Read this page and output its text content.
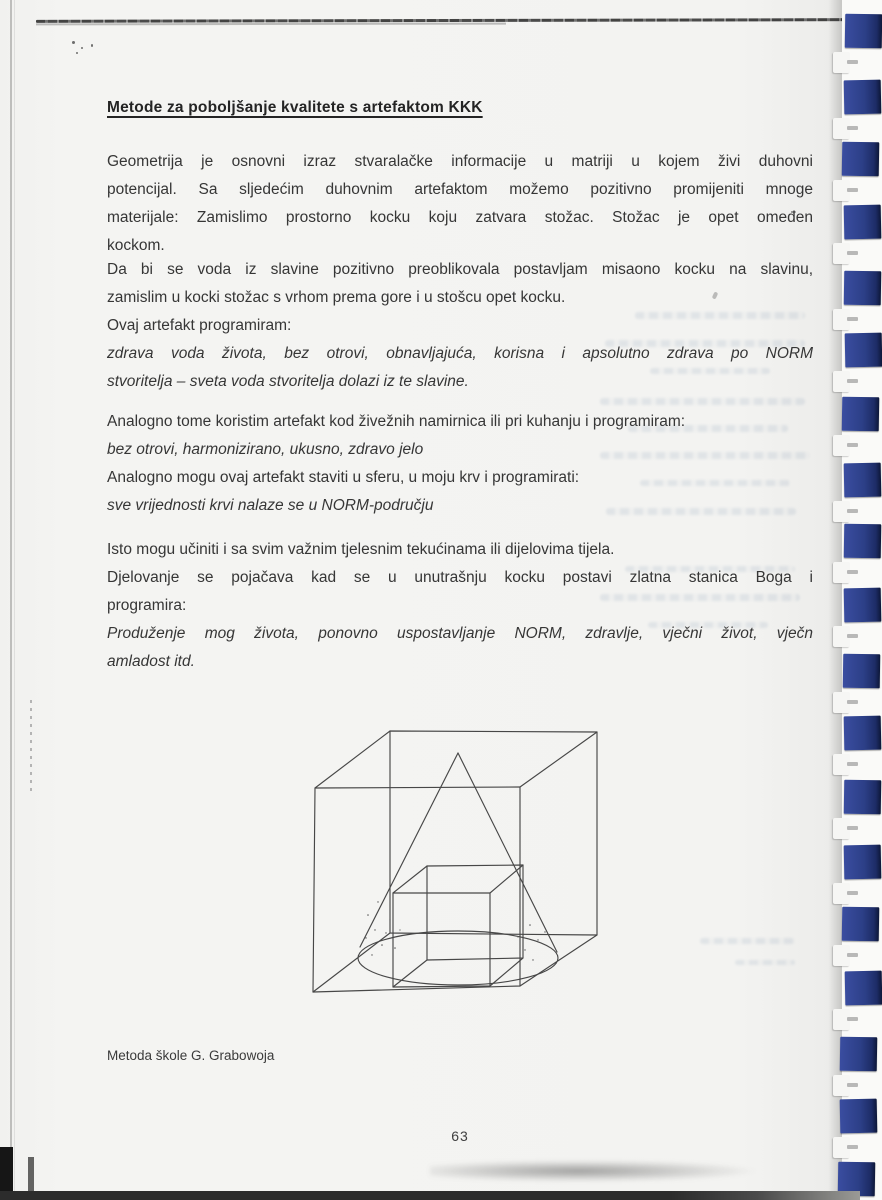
Metode za poboljšanje kvalitete s artefaktom KKK
Geometrija je osnovni izraz stvaralačke informacije u matriji u kojem živi duhovni
potencijal. Sa sljedećim duhovnim artefaktom možemo pozitivno promijeniti mnoge
materijale: Zamislimo prostorno kocku koju zatvara stožac. Stožac je opet omeđen
kockom.
Da bi se voda iz slavine pozitivno preoblikovala postavljam misaono kocku na slavinu,
zamislim u kocki stožac s vrhom prema gore i u stošcu opet kocku.
Ovaj artefakt programiram:
zdrava voda života, bez otrovi, obnavljajuća, korisna i apsolutno zdrava po NORM
stvoritelja – sveta voda stvoritelja dolazi iz te slavine.
Analogno tome koristim artefakt kod živežnih namirnica ili pri kuhanju i programiram:
bez otrovi, harmonizirano, ukusno, zdravo jelo
Analogno mogu ovaj artefakt staviti u sferu, u moju krv i programirati:
sve vrijednosti krvi nalaze se u NORM-području
Isto mogu učiniti i sa svim važnim tjelesnim tekućinama ili dijelovima tijela.
Djelovanje se pojačava kad se u unutrašnju kocku postavi zlatna stanica Boga i
programira:
Produženje mog života, ponovno uspostavljanje NORM, zdravlje, vječni život, vječn
amladost itd.
Metoda škole G. Grabowoja
63
